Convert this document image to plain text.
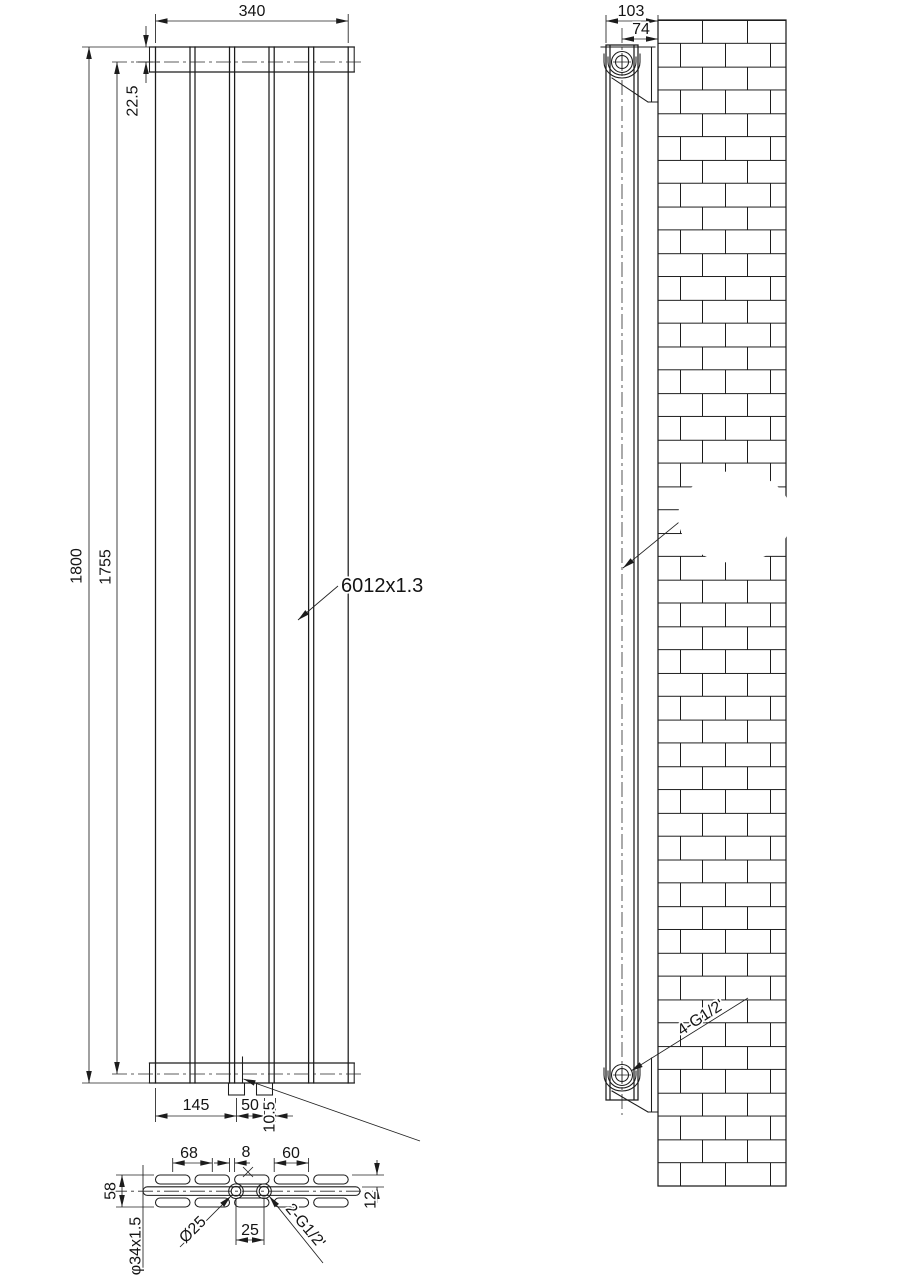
340
22.5
1800 1755
6012x1.3
145 50 10.5
103
74
4-G1/2'
68	8 60
58
12
25
Ø25	2-G1/2'
φ34x1.5
